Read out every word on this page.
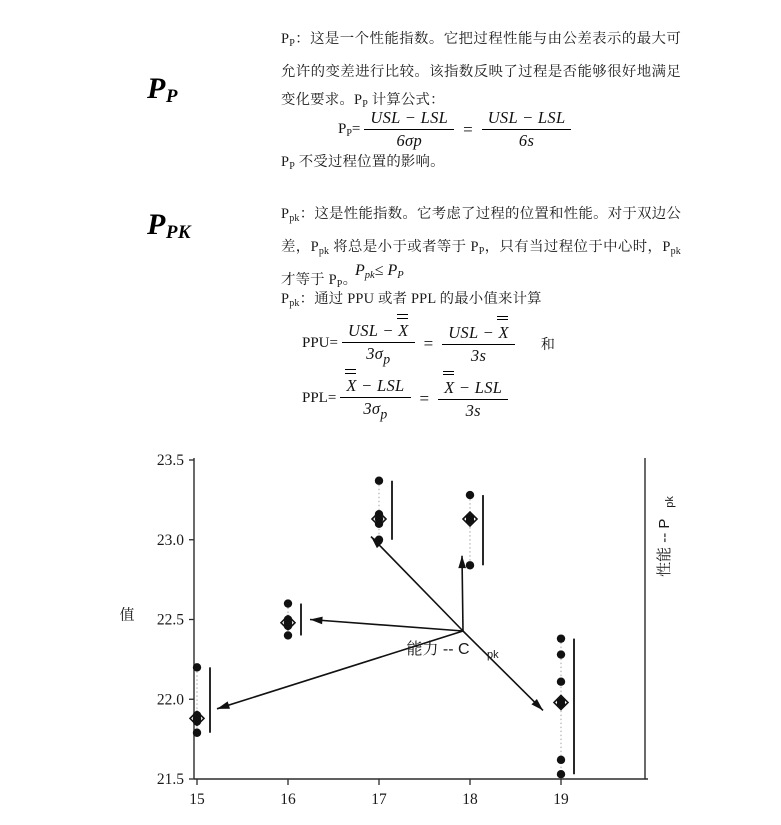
$P_P$
$P_{PK}$
$P_P$：这是一个性能指数。它把过程性能与由公差表示的最大可允许的变差进行比较。该指数反映了过程是否能够很好地满足变化要求。$P_P$ 计算公式：
$P_P= \frac{\text{USL − LSL}}{6\sigma p} = \frac{\text{USL − LSL}}{6s}$
$P_P$ 不受过程位置的影响。
$P_{pk}$：这是性能指数。它考虑了过程的位置和性能。对于双边公差，$P_{pk}$ 将总是小于或者等于 $P_P$，只有当过程位于中心时，$P_{pk}$ 才等于 $P_P$。
$P_{pk}\le P_P$
$P_{pk}$：通过 PPU 或者 PPL 的最小值来计算
$PPU= \frac{\text{USL − X}}{3\sigma_p} = \frac{\text{USL − X}}{3s}$ 和
$PPL= \frac{\text{X − LSL}}{3\sigma_p} = \frac{\text{X − LSL}}{3s}$
21.5
22.0
22.5
23.0
23.5
15	16	17	18	19
值
性能 -- P
pk
能力 -- C pk
